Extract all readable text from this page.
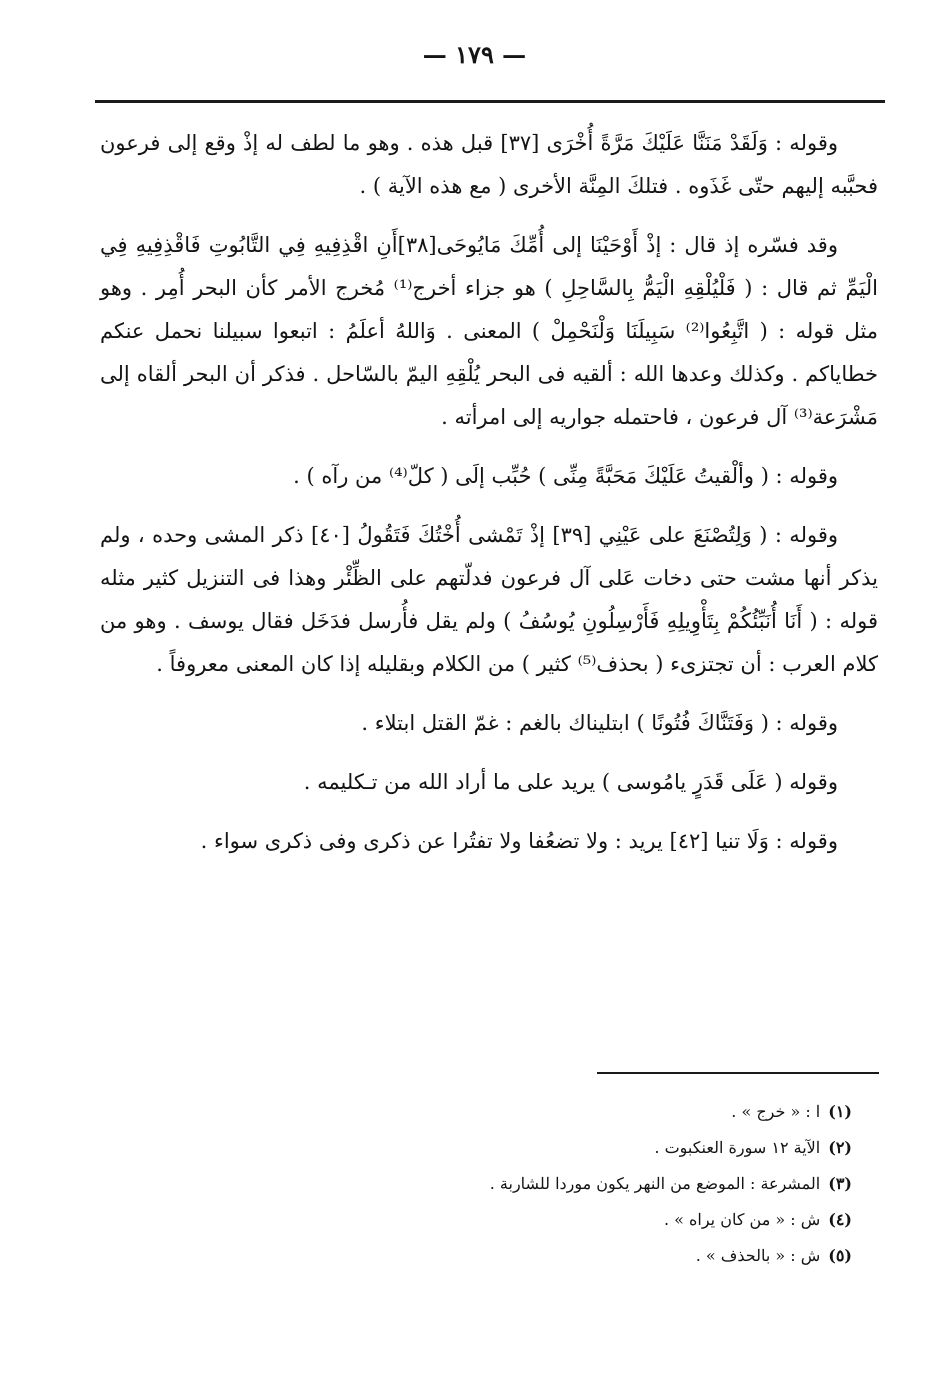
— ١٧٩ —

وقوله : وَلَقَدْ مَنَنَّا عَلَيْكَ مَرَّةً أُخْرَى [٣٧] قبل هذه . وهو ما لطف له إذْ وقع إلى فرعون فحبَّبه إليهم حتّى غَذَوه . فتلكَ المِنَّة الأخرى ( مع هذه الآية ) .

وقد فسّره إذ قال : إذْ أَوْحَيْنَا إلى أُمِّكَ مَايُوحَى[٣٨]أَنِ اقْذِفِيهِ فِي التَّابُوتِ فَاقْذِفِيهِ فِي الْيَمِّ ثم قال : ( فَلْيُلْقِهِ الْيَمُّ بِالسَّاحِلِ ) هو جزاء أخرج⁽¹⁾ مُخرج الأمر كأن البحر أُمِر . وهو مثل قوله : ( اتَّبِعُوا⁽²⁾ سَبِيلَنَا وَلْنَحْمِلْ ) المعنى . وَاللهُ أعلَمُ : اتبعوا سبيلنا نحمل عنكم خطاياكم . وكذلك وعدها الله : ألقيه فى البحر يُلْقِهِ اليمّ بالسّاحل . فذكر أن البحر ألقاه إلى مَشْرَعة⁽³⁾ آل فرعون ، فاحتمله جواريه إلى امرأته .

وقوله : ( وألْقيتُ عَلَيْكَ مَحَبَّةً مِنِّى ) حُبِّب إلَى ( كلّ⁽⁴⁾ من رآه ) .

وقوله : ( وَلِتُصْنَعَ على عَيْنِي [٣٩] إذْ تَمْشى أُخْتُكَ فَتَقُولُ [٤٠] ذكر المشى وحده ، ولم يذكر أنها مشت حتى دخات عَلى آل فرعون فدلّتهم على الظِّئْر وهذا فى التنزيل كثير مثله قوله : ( أَنَا أُنَبِّئُكُمْ بِتَأْوِيلِهِ فَأَرْسِلُونِ يُوسُفُ ) ولم يقل فأُرسل فدَخَل فقال يوسف . وهو من كلام العرب : أن تجتزىء ( بحذف⁽⁵⁾ كثير ) من الكلام وبقليله إذا كان المعنى معروفاً .

وقوله : ( وَفَتَنَّاكَ فُتُونًا ) ابتليناك بالغم : غمّ القتل ابتلاء .

وقوله ( عَلَى قَدَرٍ يامُوسى ) يريد على ما أراد الله من تـكليمه .

وقوله : وَلَا تنيا [٤٢] يريد : ولا تضعُفا ولا تفتُرا عن ذكرى وفى ذكرى سواء .

(١)ا : « خرج » .
(٢)الآية ١٢ سورة العنكبوت .
(٣)المشرعة : الموضع من النهر يكون موردا للشاربة .
(٤)ش : « من كان يراه » .
(٥)ش : « بالحذف » .
